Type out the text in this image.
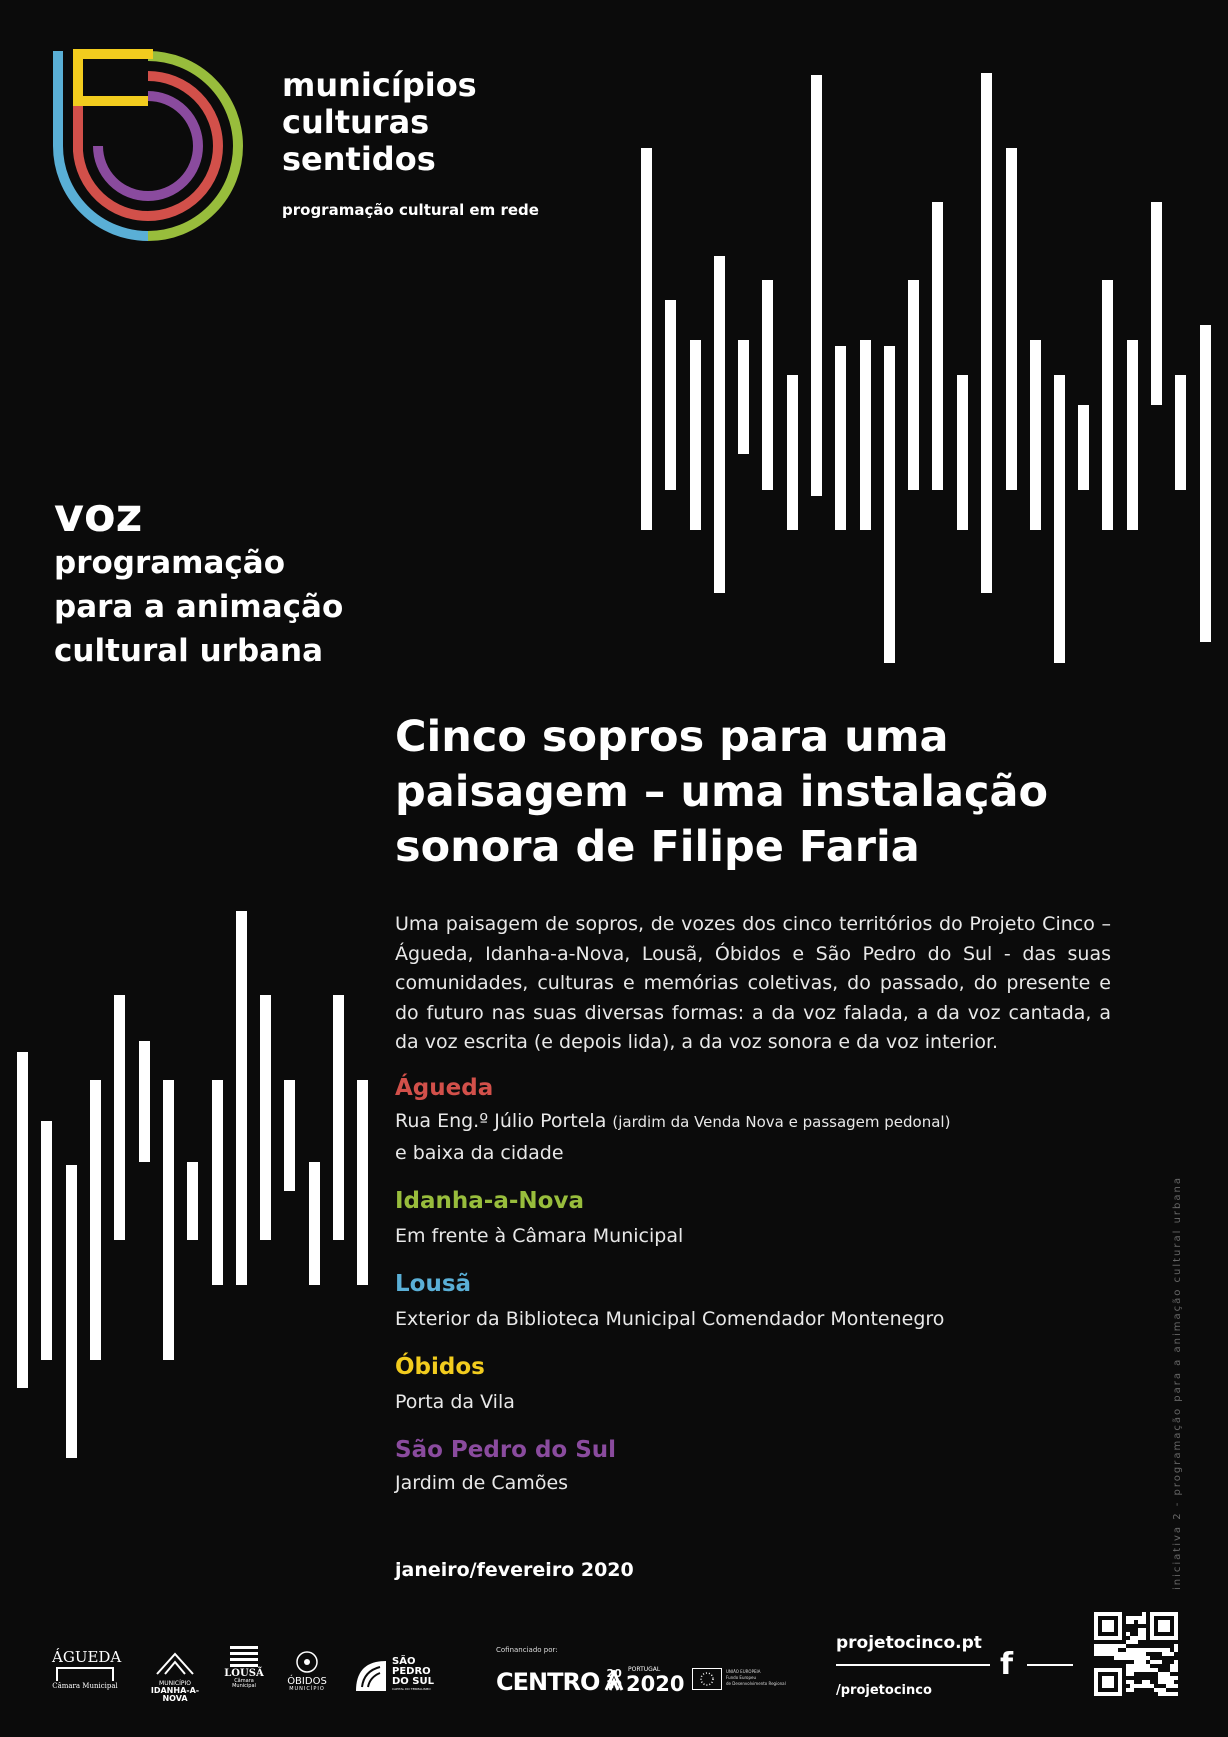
municípios
culturas
sentidos
programação cultural em rede
voz
programação
para a animação
cultural urbana
Cinco sopros para uma
paisagem – uma instalação
sonora de Filipe Faria
Uma paisagem de sopros, de vozes dos cinco territórios do Projeto Cinco – Águeda, Idanha-a-Nova, Lousã, Óbidos e São Pedro do Sul - das suas comunidades, culturas e memórias coletivas, do passado, do presente e do futuro nas suas diversas formas: a da voz falada, a da voz cantada, a da voz escrita (e depois lida), a da voz sonora e da voz interior.
Águeda
Rua Eng.º Júlio Portela (jardim da Venda Nova e passagem pedonal)
e baixa da cidade
Idanha-a-Nova
Em frente à Câmara Municipal
Lousã
Exterior da Biblioteca Municipal Comendador Montenegro
Óbidos
Porta da Vila
São Pedro do Sul
Jardim de Camões
janeiro/fevereiro 2020	iniciativa 2 - programação para a animação cultural urbana
ÁGUEDA
Câmara Municipal	MUNICÍPIO
IDANHA-A-NOVA
LOUSÃ
Câmara Municipal	ÓBIDOS
MUNICÍPIO
SÃO
PEDRO
DO SUL
CAPITAL DO TERMALISMO
Cofinanciado por:
CENTRO 20
20
PORTUGAL
2020
UNIÃO EUROPEIA
Fundo Europeu
de Desenvolvimento Regional
projetocinco.pt
f
/projetocinco
